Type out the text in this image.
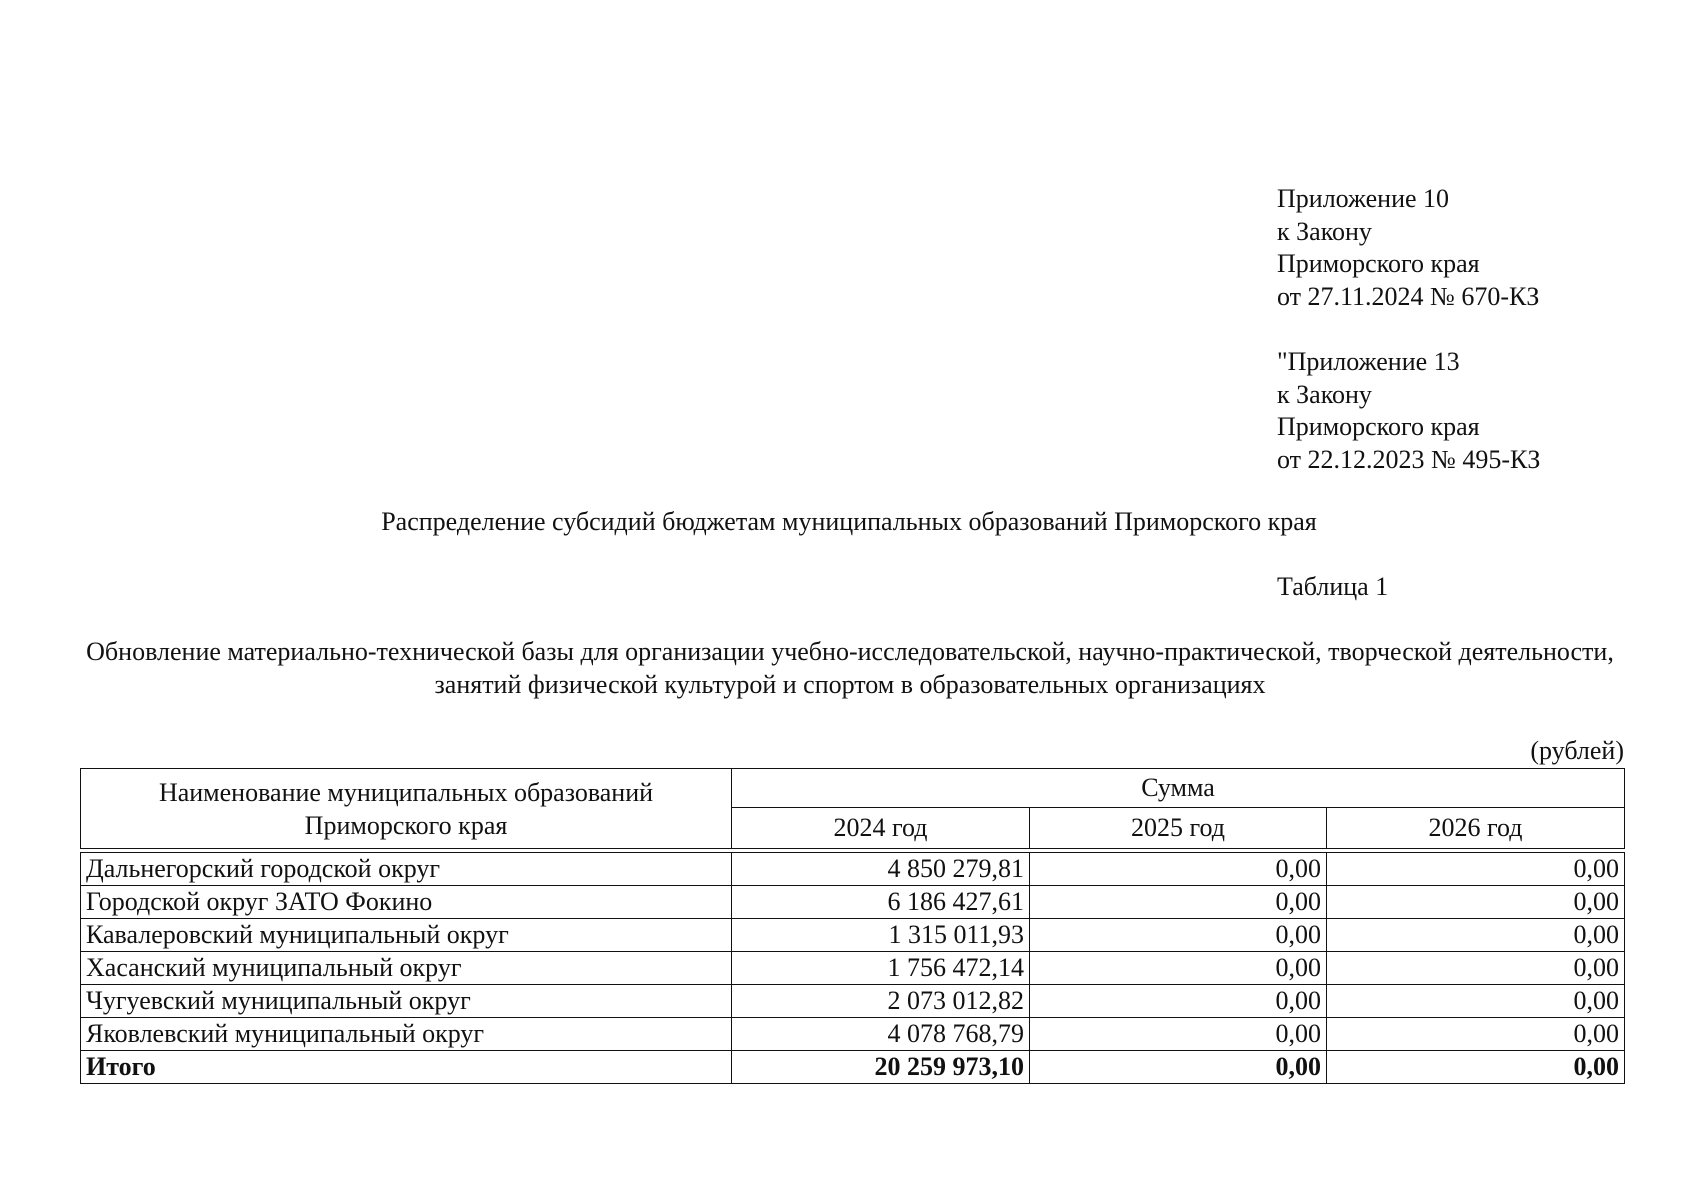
Приложение 10
к Закону
Приморского края
от 27.11.2024 № 670-КЗ
"Приложение 13
к Закону
Приморского края
от 22.12.2023 № 495-КЗ
Распределение субсидий бюджетам муниципальных образований Приморского края
Таблица 1
Обновление материально-технической базы для организации учебно-исследовательской, научно-практической, творческой деятельности, занятий физической культурой и спортом в образовательных организациях
(рублей)
Наименование муниципальных образований Приморского края	Сумма		
	2024 год	2025 год	2026 год

Дальнегорский городской округ	4 850 279,81	0,00	0,00
Городской округ ЗАТО Фокино	6 186 427,61	0,00	0,00
Кавалеровский муниципальный округ	1 315 011,93	0,00	0,00
Хасанский муниципальный округ	1 756 472,14	0,00	0,00
Чугуевский муниципальный округ	2 073 012,82	0,00	0,00
Яковлевский муниципальный округ	4 078 768,79	0,00	0,00
Итого	20 259 973,10	0,00	0,00
